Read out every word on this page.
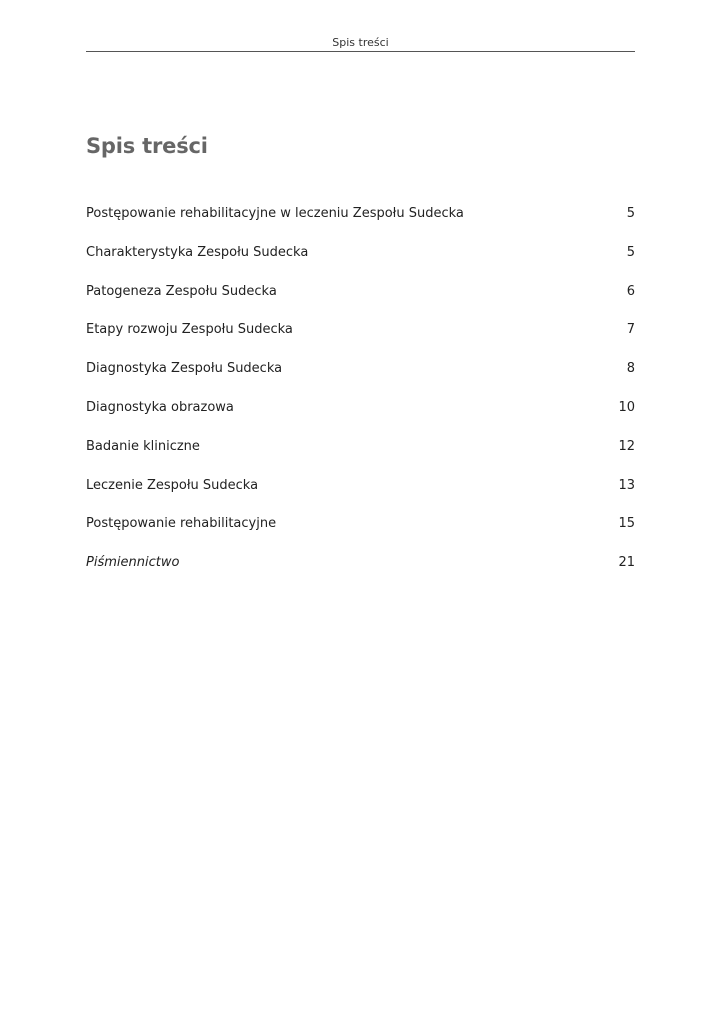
Spis treści
Spis treści
Postępowanie rehabilitacyjne w leczeniu Zespołu Sudecka	5
Charakterystyka Zespołu Sudecka	5
Patogeneza Zespołu Sudecka	6
Etapy rozwoju Zespołu Sudecka	7
Diagnostyka Zespołu Sudecka	8
Diagnostyka obrazowa	10
Badanie kliniczne	12
Leczenie Zespołu Sudecka	13
Postępowanie rehabilitacyjne	15
Piśmiennictwo	21
